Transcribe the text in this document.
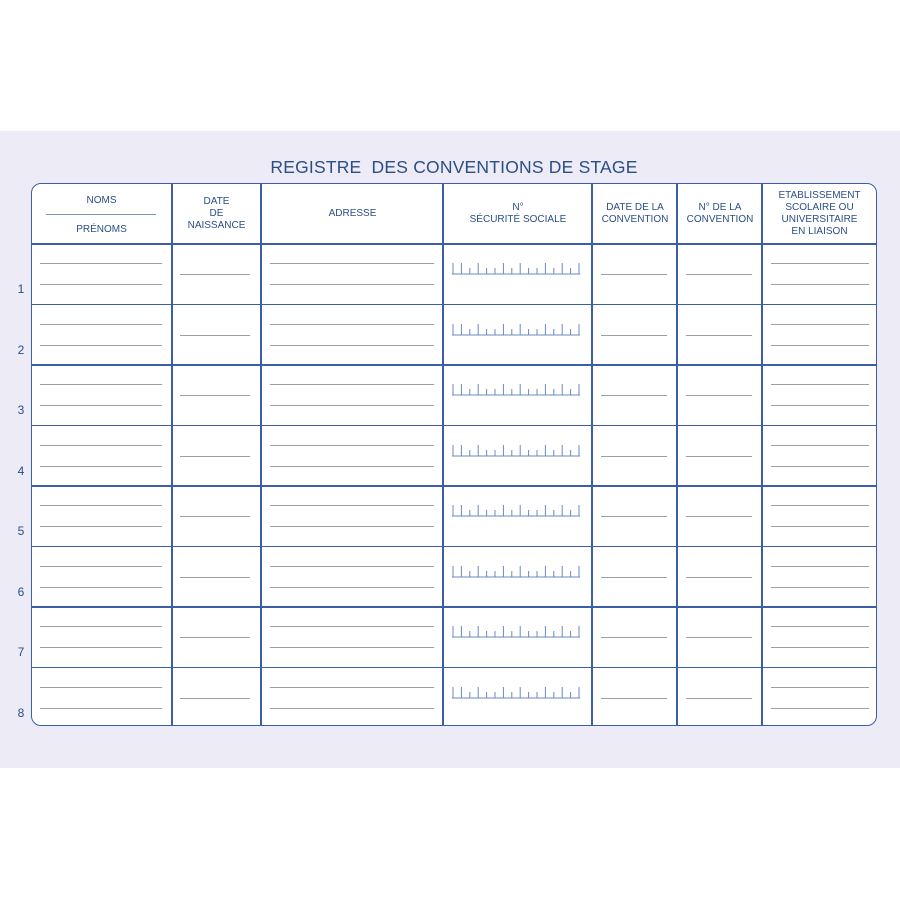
REGISTRE  DES CONVENTIONS DE STAGE
NOMS
PRÉNOMS
DATE
DE
NAISSANCE
ADRESSE
N°
SÉCURITÉ SOCIALE
DATE DE LA
CONVENTION
N° DE LA
CONVENTION
ETABLISSEMENT
SCOLAIRE OU
UNIVERSITAIRE
EN LIAISON
1
2
3
4
5
6
7
8
